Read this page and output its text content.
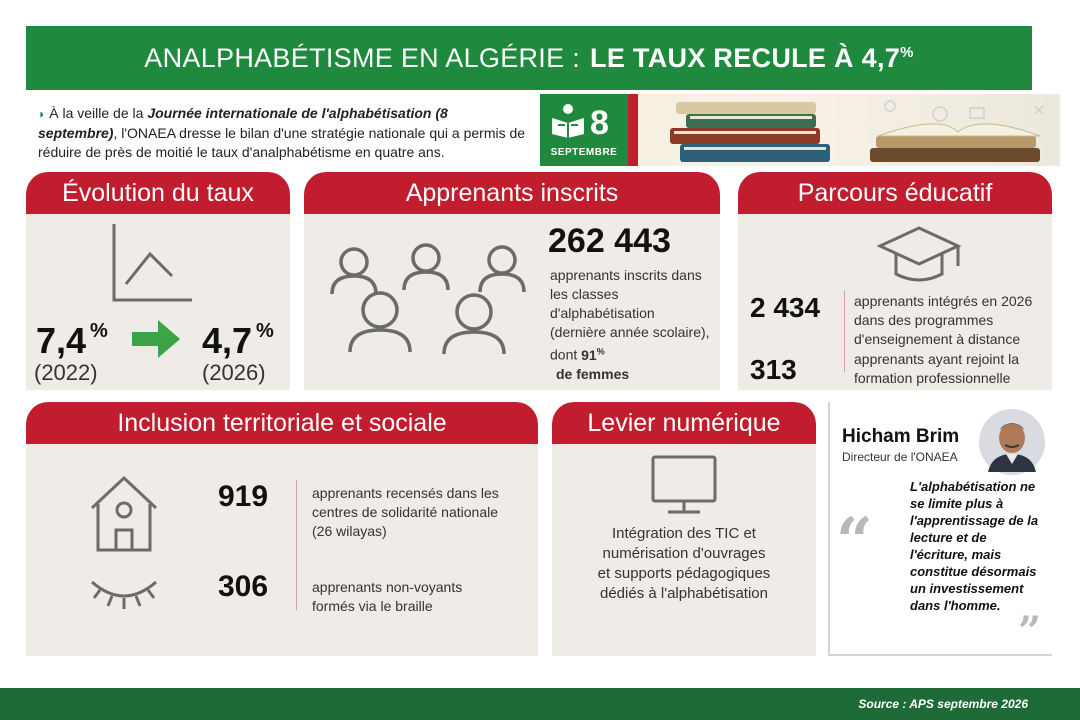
ANALPHABÉTISME EN ALGÉRIE : LE TAUX RECULE À 4,7%
◗ À la veille de la Journée internationale de l'alphabétisation (8 septembre), l'ONAEA dresse le bilan d'une stratégie nationale qui a permis de réduire de près de moitié le taux d'analphabétisme en quatre ans.
8
SEPTEMBRE
Évolution du taux
7,4 %
(2022)
4,7 %
(2026)
Apprenants inscrits
262 443
apprenants inscrits dans les classes d'alphabétisation (dernière année scolaire), dont 91%
de femmes
Parcours éducatif
2 434 apprenants intégrés en 2026 dans des programmes d'enseignement à distance
313	apprenants ayant rejoint la formation professionnelle
Inclusion territoriale et sociale
919	apprenants recensés dans les centres de solidarité nationale (26 wilayas)
306	apprenants non-voyants formés via le braille
Levier numérique
Intégration des TIC et numérisation d'ouvrages et supports pédagogiques dédiés à l'alphabétisation
Hicham Brim
Directeur de l'ONAEA
“
L'alphabétisation ne se limite plus à l'apprentissage de la lecture et de l'écriture, mais constitue désormais un investissement dans l'homme.
”
Source : APS septembre 2026
